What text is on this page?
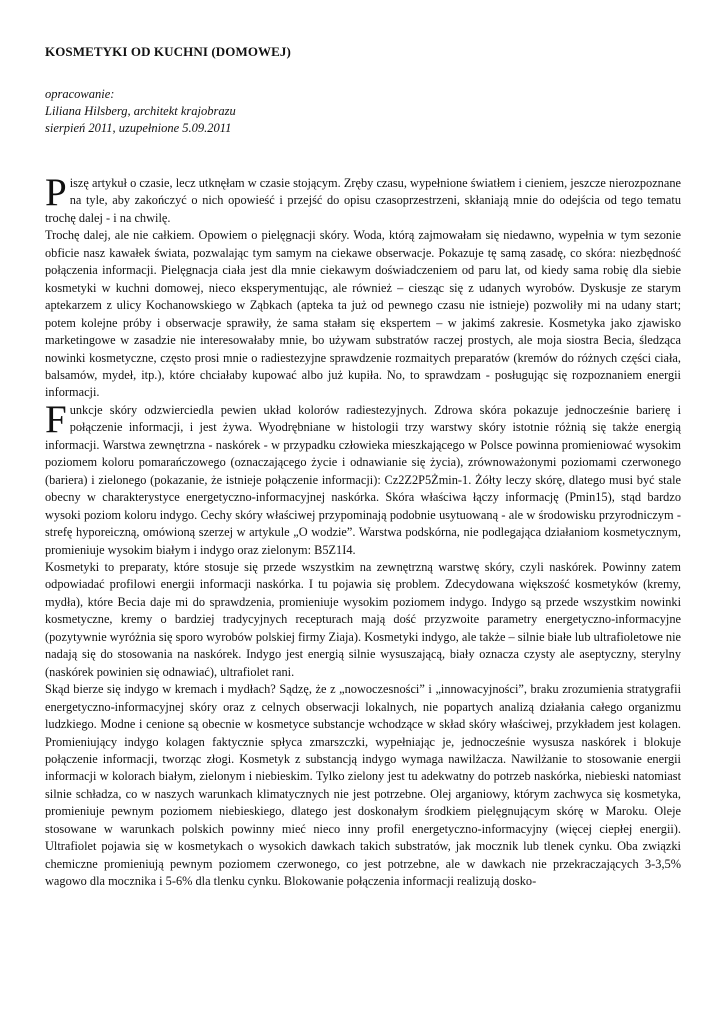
KOSMETYKI OD KUCHNI (DOMOWEJ)
opracowanie:
Liliana Hilsberg, architekt krajobrazu
sierpień 2011, uzupełnione 5.09.2011

Piszę artykuł o czasie, lecz utknęłam w czasie stojącym. Zręby czasu, wypełnione światłem i cieniem, jeszcze nierozpoznane na tyle, aby zakończyć o nich opowieść i przejść do opisu czasoprzestrzeni, skłaniają mnie do odejścia od tego tematu trochę dalej - i na chwilę.

Trochę dalej, ale nie całkiem. Opowiem o pielęgnacji skóry. Woda, którą zajmowałam się niedawno, wypełnia w tym sezonie obficie nasz kawałek świata, pozwalając tym samym na ciekawe obserwacje. Pokazuje tę samą zasadę, co skóra: niezbędność połączenia informacji. Pielęgnacja ciała jest dla mnie ciekawym doświadczeniem od paru lat, od kiedy sama robię dla siebie kosmetyki w kuchni domowej, nieco eksperymentując, ale również – ciesząc się z udanych wyrobów. Dyskusje ze starym aptekarzem z ulicy Kochanowskiego w Ząbkach (apteka ta już od pewnego czasu nie istnieje) pozwoliły mi na udany start; potem kolejne próby i obserwacje sprawiły, że sama stałam się ekspertem – w jakimś zakresie. Kosmetyka jako zjawisko marketingowe w zasadzie nie interesowałaby mnie, bo używam substratów raczej prostych, ale moja siostra Becia, śledząca nowinki kosmetyczne, często prosi mnie o radiestezyjne sprawdzenie rozmaitych preparatów (kremów do różnych części ciała, balsamów, mydeł, itp.), które chciałaby kupować albo już kupiła. No, to sprawdzam - posługując się rozpoznaniem energii informacji.

Funkcje skóry odzwierciedla pewien układ kolorów radiestezyjnych. Zdrowa skóra pokazuje jednocześnie barierę i połączenie informacji, i jest żywa. Wyodrębniane w histologii trzy warstwy skóry istotnie różnią się także energią informacji. Warstwa zewnętrzna - naskórek - w przypadku człowieka mieszkającego w Polsce powinna promieniować wysokim poziomem koloru pomarańczowego (oznaczającego życie i odnawianie się życia), zrównoważonymi poziomami czerwonego (bariera) i zielonego (pokazanie, że istnieje połączenie informacji): Cz2Z2P5Żmin-1. Żółty leczy skórę, dlatego musi być stale obecny w charakterystyce energetyczno-informacyjnej naskórka. Skóra właściwa łączy informację (Pmin15), stąd bardzo wysoki poziom koloru indygo. Cechy skóry właściwej przypominają podobnie usytuowaną - ale w środowisku przyrodniczym - strefę hyporeiczną, omówioną szerzej w artykule „O wodzie”. Warstwa podskórna, nie podlegająca działaniom kosmetycznym, promieniuje wysokim białym i indygo oraz zielonym: B5Z1I4.

Kosmetyki to preparaty, które stosuje się przede wszystkim na zewnętrzną warstwę skóry, czyli naskórek. Powinny zatem odpowiadać profilowi energii informacji naskórka. I tu pojawia się problem. Zdecydowana większość kosmetyków (kremy, mydła), które Becia daje mi do sprawdzenia, promieniuje wysokim poziomem indygo. Indygo są przede wszystkim nowinki kosmetyczne, kremy o bardziej tradycyjnych recepturach mają dość przyzwoite parametry energetyczno-informacyjne (pozytywnie wyróżnia się sporo wyrobów polskiej firmy Ziaja). Kosmetyki indygo, ale także – silnie białe lub ultrafioletowe nie nadają się do stosowania na naskórek. Indygo jest energią silnie wysuszającą, biały oznacza czysty ale aseptyczny, sterylny (naskórek powinien się odnawiać), ultrafiolet rani.

Skąd bierze się indygo w kremach i mydłach? Sądzę, że z „nowoczesności” i „innowacyjności”, braku zrozumienia stratygrafii energetyczno-informacyjnej skóry oraz z celnych obserwacji lokalnych, nie popartych analizą działania całego organizmu ludzkiego. Modne i cenione są obecnie w kosmetyce substancje wchodzące w skład skóry właściwej, przykładem jest kolagen. Promieniujący indygo kolagen faktycznie spłyca zmarszczki, wypełniając je, jednocześnie wysusza naskórek i blokuje połączenie informacji, tworząc złogi. Kosmetyk z substancją indygo wymaga nawilżacza. Nawilżanie to stosowanie energii informacji w kolorach białym, zielonym i niebieskim. Tylko zielony jest tu adekwatny do potrzeb naskórka, niebieski natomiast silnie schładza, co w naszych warunkach klimatycznych nie jest potrzebne. Olej arganiowy, którym zachwyca się kosmetyka, promieniuje pewnym poziomem niebieskiego, dlatego jest doskonałym środkiem pielęgnującym skórę w Maroku. Oleje stosowane w warunkach polskich powinny mieć nieco inny profil energetyczno-informacyjny (więcej ciepłej energii). Ultrafiolet pojawia się w kosmetykach o wysokich dawkach takich substratów, jak mocznik lub tlenek cynku. Oba związki chemiczne promieniują pewnym poziomem czerwonego, co jest potrzebne, ale w dawkach nie przekraczających 3-3,5% wagowo dla mocznika i 5-6% dla tlenku cynku. Blokowanie połączenia informacji realizują dosko-
